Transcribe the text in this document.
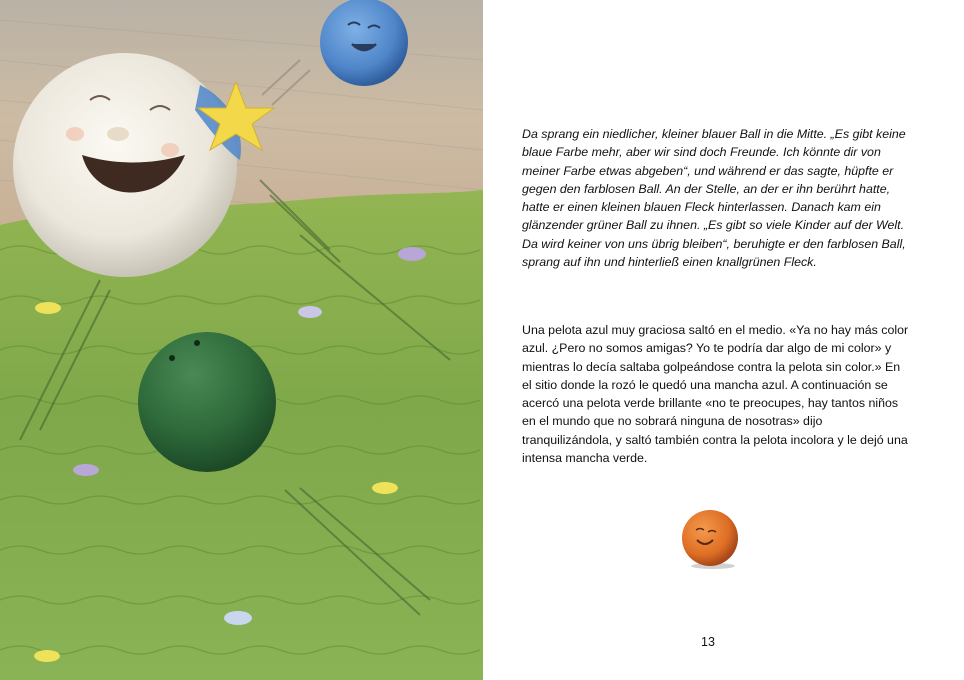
Da sprang ein niedlicher, kleiner blauer Ball in die Mitte. „Es gibt keine blaue Farbe mehr, aber wir sind doch Freunde. Ich könnte dir von meiner Farbe etwas abgeben“, und während er das sagte, hüpfte er gegen den farblosen Ball. An der Stelle, an der er ihn berührt hatte, hatte er einen kleinen blauen Fleck hinterlassen. Danach kam ein glänzender grüner Ball zu ihnen. „Es gibt so viele Kinder auf der Welt. Da wird keiner von uns übrig bleiben“, beruhigte er den farblosen Ball, sprang auf ihn und hinterließ einen knallgrünen Fleck.

Una pelota azul muy graciosa saltó en el medio. «Ya no hay más color azul. ¿Pero no somos amigas? Yo te podría dar algo de mi color» y mientras lo decía saltaba golpeándose contra la pelota sin color.» En el sitio donde la rozó le quedó una mancha azul. A continuación se acercó una pelota verde brillante «no te preocupes, hay tantos niños en el mundo que no sobrará ninguna de nosotras» dijo tranquilizándola, y saltó también contra la pelota incolora y le dejó una intensa mancha verde.

13
